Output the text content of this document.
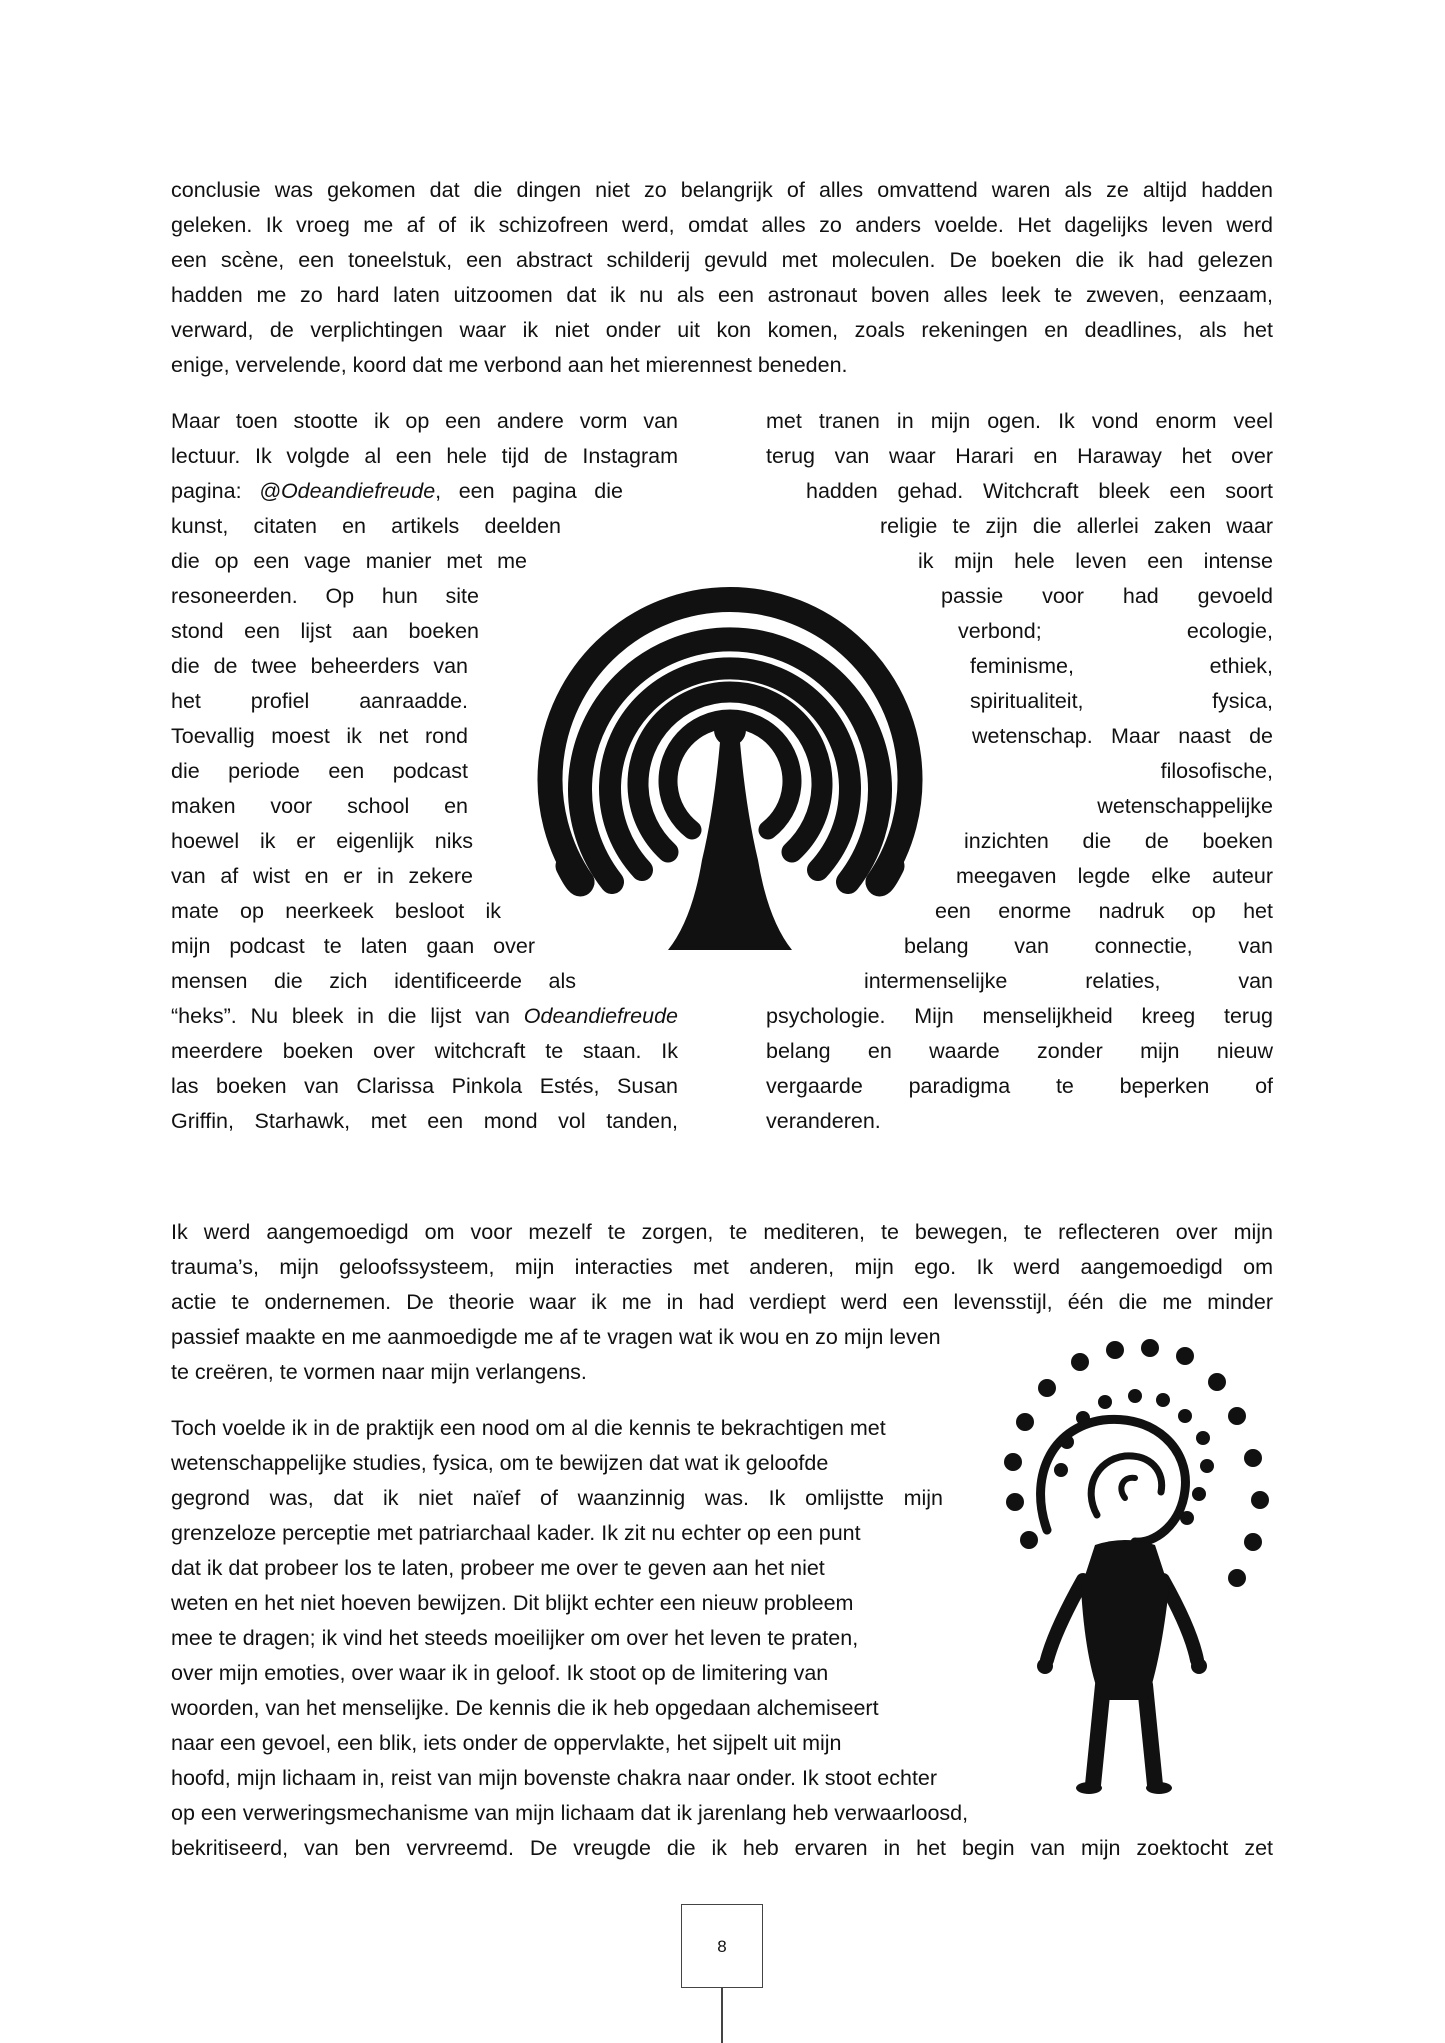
conclusie was gekomen dat die dingen niet zo belangrijk of alles omvattend waren als ze altijd hadden
geleken. Ik vroeg me af of ik schizofreen werd, omdat alles zo anders voelde. Het dagelijks leven werd
een scène, een toneelstuk, een abstract schilderij gevuld met moleculen. De boeken die ik had gelezen
hadden me zo hard laten uitzoomen dat ik nu als een astronaut boven alles leek te zweven, eenzaam,
verward, de verplichtingen waar ik niet onder uit kon komen, zoals rekeningen en deadlines, als het
enige, vervelende, koord dat me verbond aan het mierennest beneden.
Maar toen stootte ik op een andere vorm van
lectuur. Ik volgde al een hele tijd de Instagram
pagina: @Odeandiefreude, een pagina die
kunst, citaten en artikels deelden
die op een vage manier met me
resoneerden. Op hun site
stond een lijst aan boeken
die de twee beheerders van
het profiel aanraadde.
Toevallig moest ik net rond
die periode een podcast
maken voor school en
hoewel ik er eigenlijk niks
van af wist en er in zekere
mate op neerkeek besloot ik
mijn podcast te laten gaan over
mensen die zich identificeerde als
“heks”. Nu bleek in die lijst van Odeandiefreude
meerdere boeken over witchcraft te staan. Ik
las boeken van Clarissa Pinkola Estés, Susan
Griffin, Starhawk, met een mond vol tanden,
met tranen in mijn ogen. Ik vond enorm veel
terug van waar Harari en Haraway het over
hadden gehad. Witchcraft bleek een soort
religie te zijn die allerlei zaken waar
ik mijn hele leven een intense
passie voor had gevoeld
verbond; ecologie,
feminisme, ethiek,
spiritualiteit, fysica,
wetenschap. Maar naast de
filosofische,
wetenschappelijke
inzichten die de boeken
meegaven legde elke auteur
een enorme nadruk op het
belang van connectie, van
intermenselijke relaties, van
psychologie. Mijn menselijkheid kreeg terug
belang en waarde zonder mijn nieuw
vergaarde paradigma te beperken of
veranderen.
Ik werd aangemoedigd om voor mezelf te zorgen, te mediteren, te bewegen, te reflecteren over mijn
trauma’s, mijn geloofssysteem, mijn interacties met anderen, mijn ego. Ik werd aangemoedigd om
actie te ondernemen. De theorie waar ik me in had verdiept werd een levensstijl, één die me minder
passief maakte en me aanmoedigde me af te vragen wat ik wou en zo mijn leven
te creëren, te vormen naar mijn verlangens.
Toch voelde ik in de praktijk een nood om al die kennis te bekrachtigen met
wetenschappelijke studies, fysica, om te bewijzen dat wat ik geloofde
gegrond was, dat ik niet naïef of waanzinnig was. Ik omlijstte mijn
grenzeloze perceptie met patriarchaal kader. Ik zit nu echter op een punt
dat ik dat probeer los te laten, probeer me over te geven aan het niet
weten en het niet hoeven bewijzen. Dit blijkt echter een nieuw probleem
mee te dragen; ik vind het steeds moeilijker om over het leven te praten,
over mijn emoties, over waar ik in geloof. Ik stoot op de limitering van
woorden, van het menselijke. De kennis die ik heb opgedaan alchemiseert
naar een gevoel, een blik, iets onder de oppervlakte, het sijpelt uit mijn
hoofd, mijn lichaam in, reist van mijn bovenste chakra naar onder. Ik stoot echter
op een verweringsmechanisme van mijn lichaam dat ik jarenlang heb verwaarloosd,
bekritiseerd, van ben vervreemd. De vreugde die ik heb ervaren in het begin van mijn zoektocht zet
8
